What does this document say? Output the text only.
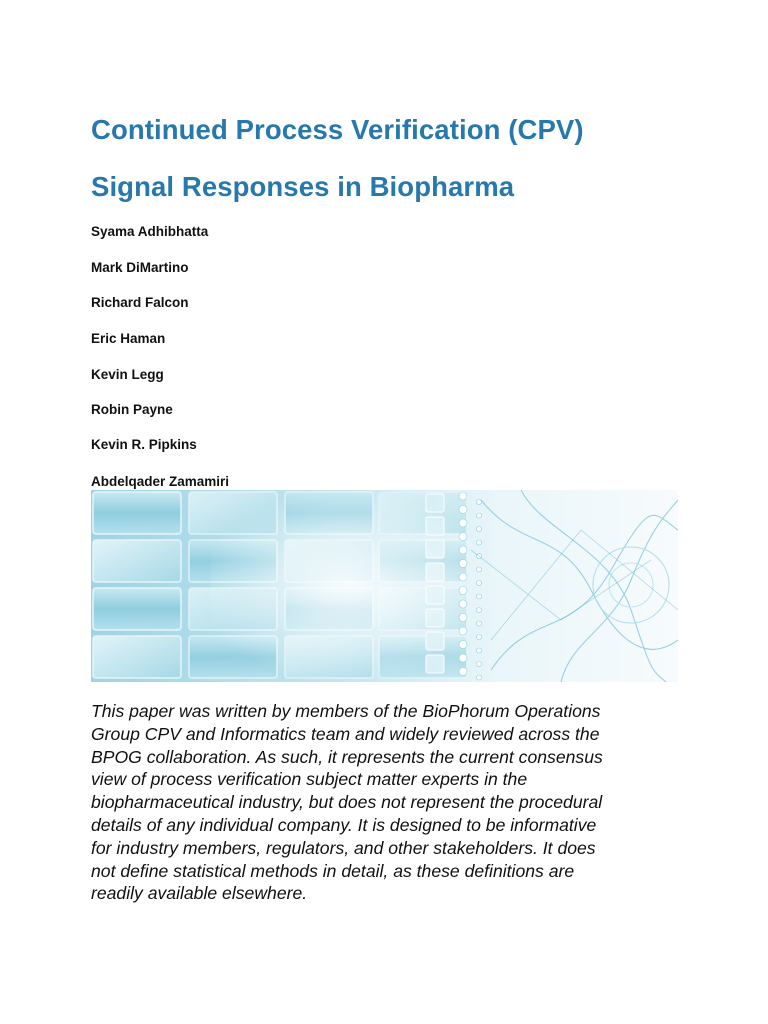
Continued Process Verification (CPV)
Signal Responses in Biopharma

Syama Adhibhatta

Mark DiMartino

Richard Falcon

Eric Haman

Kevin Legg

Robin Payne

Kevin R. Pipkins

Abdelqader Zamamiri

This paper was written by members of the BioPhorum Operations
Group CPV and Informatics team and widely reviewed across the
BPOG collaboration. As such, it represents the current consensus
view of process verification subject matter experts in the
biopharmaceutical industry, but does not represent the procedural
details of any individual company. It is designed to be informative
for industry members, regulators, and other stakeholders. It does
not define statistical methods in detail, as these definitions are
readily available elsewhere.
